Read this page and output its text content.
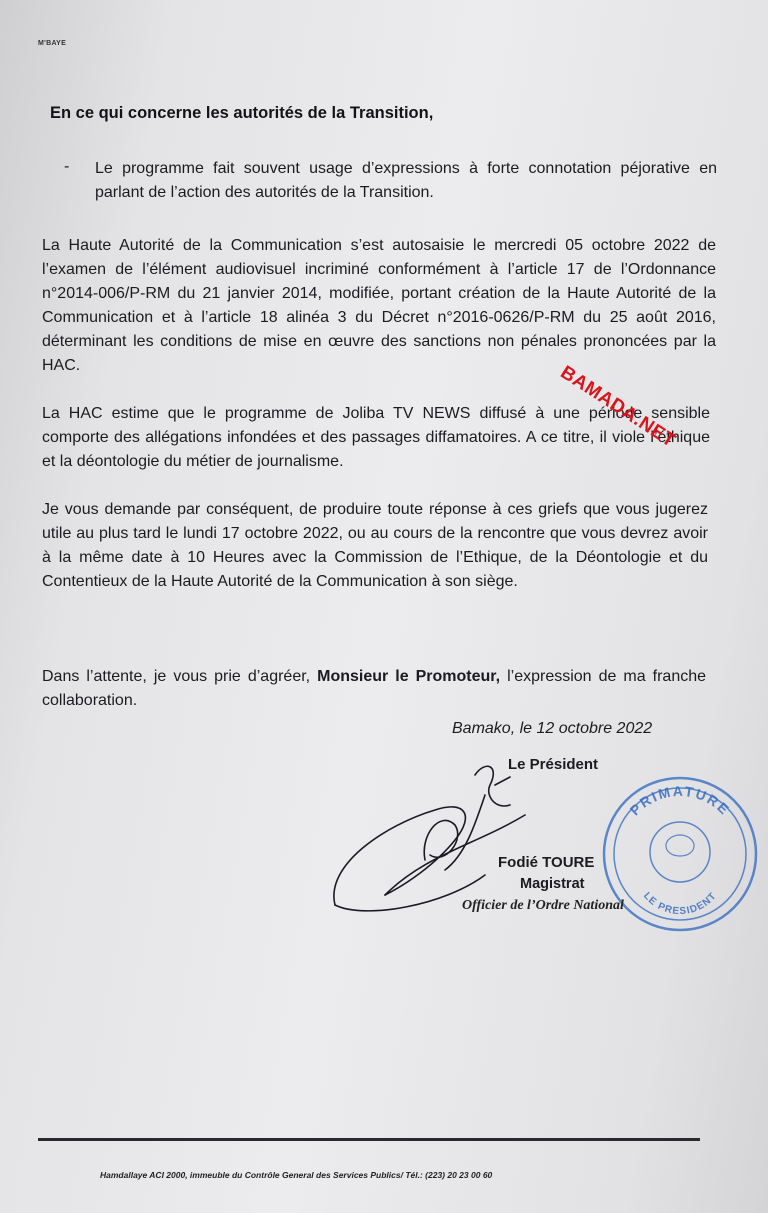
M'BAYE
En ce qui concerne les autorités de la Transition,
- Le programme fait souvent usage d’expressions à forte connotation péjorative en parlant de l’action des autorités de la Transition.
La Haute Autorité de la Communication s’est autosaisie le mercredi 05 octobre 2022 de l’examen de l’élément audiovisuel incriminé conformément à l’article 17 de l’Ordonnance n°2014-006/P-RM du 21 janvier 2014, modifiée, portant création de la Haute Autorité de la Communication et à l’article 18 alinéa 3 du Décret n°2016-0626/P-RM du 25 août 2016, déterminant les conditions de mise en œuvre des sanctions non pénales prononcées par la HAC.
La HAC estime que le programme de Joliba TV NEWS diffusé à une période sensible comporte des allégations infondées et des passages diffamatoires. A ce titre, il viole l’éthique et la déontologie du métier de journalisme.
Je vous demande par conséquent, de produire toute réponse à ces griefs que vous jugerez utile au plus tard le lundi 17 octobre 2022, ou au cours de la rencontre que vous devrez avoir à la même date à 10 Heures avec la Commission de l’Ethique, de la Déontologie et du Contentieux de la Haute Autorité de la Communication à son siège.
Dans l’attente, je vous prie d’agréer, Monsieur le Promoteur, l’expression de ma franche collaboration.
BAMADA.NET
Bamako, le 12 octobre 2022
Le Président
PRIMATURE
LE PRESIDENT
Fodié TOURE
Magistrat
Officier de l’Ordre National
Hamdallaye ACI 2000, immeuble du Contrôle General des Services Publics/ Tél.: (223) 20 23 00 60
